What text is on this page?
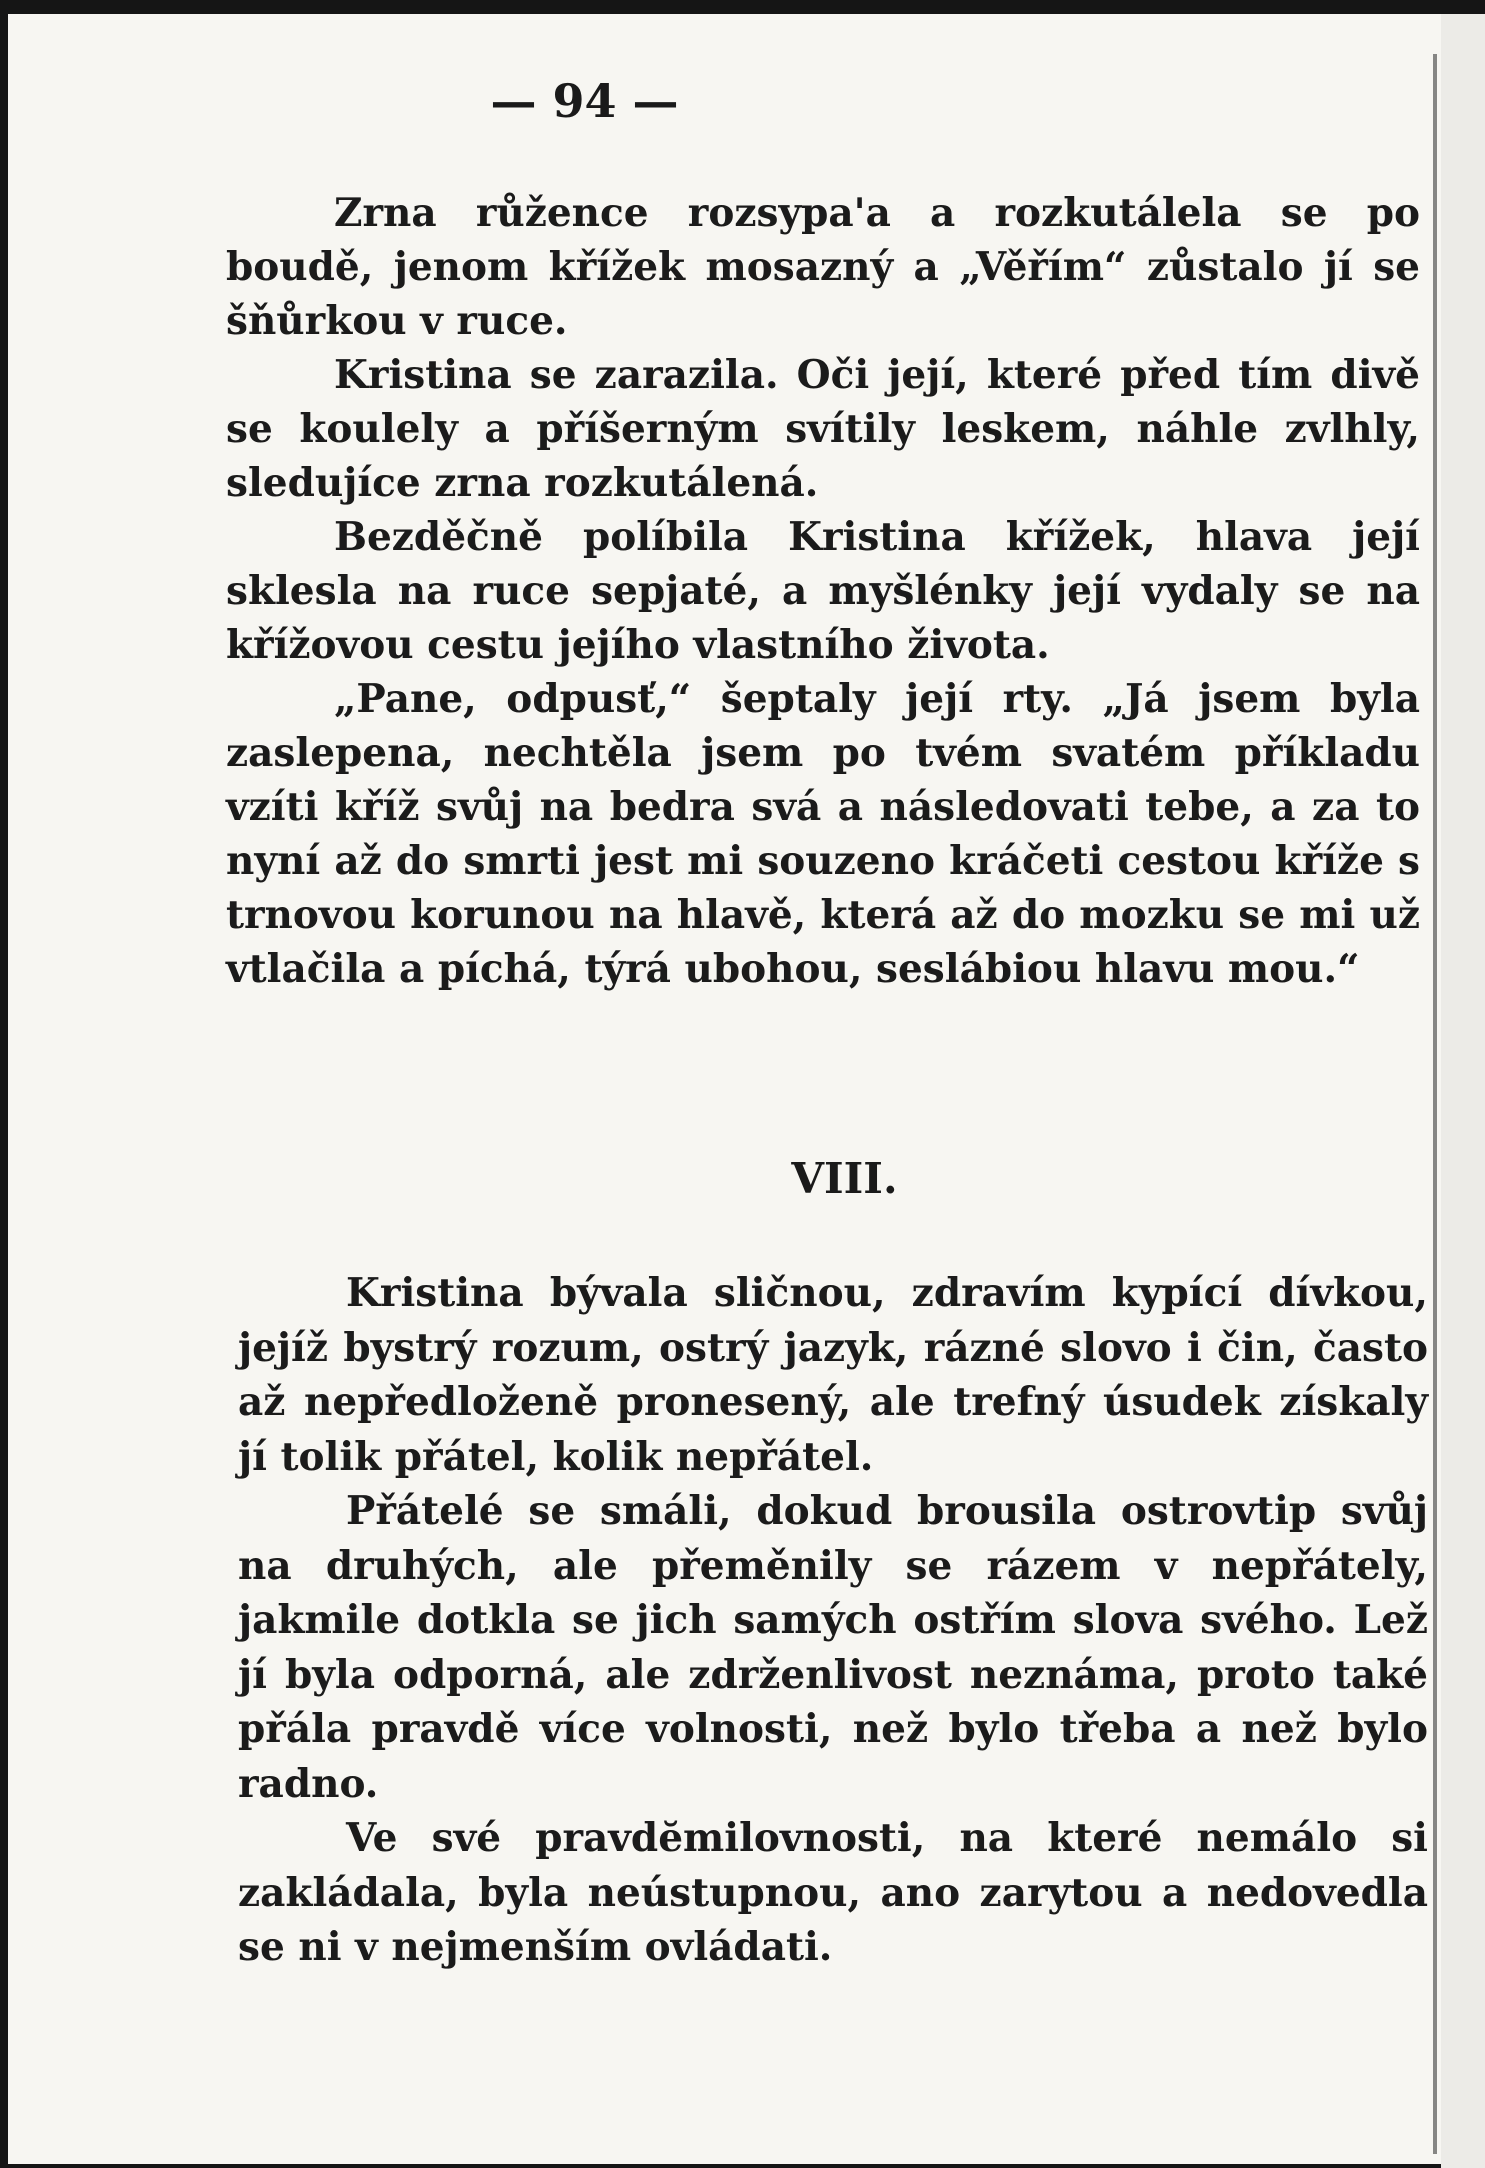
— 94 —

Zrna růžence rozsypa'a a rozkutálela se po boudě, jenom křížek mosazný a „Věřím“ zůstalo jí se šňůrkou v ruce.

Kristina se zarazila. Oči její, které před tím divě se koulely a příšerným svítily leskem, náhle zvlhly, sledujíce zrna rozkutálená.

Bezděčně políbila Kristina křížek, hlava její sklesla na ruce sepjaté, a myšlénky její vydaly se na křížovou cestu jejího vlastního života.

„Pane, odpusť,“ šeptaly její rty. „Já jsem byla zaslepena, nechtěla jsem po tvém svatém příkladu vzíti kříž svůj na bedra svá a následovati tebe, a za to nyní až do smrti jest mi souzeno kráčeti cestou kříže s trnovou korunou na hlavě, která až do mozku se mi už vtlačila a píchá, týrá ubohou, seslábiou hlavu mou.“

VIII.

Kristina bývala sličnou, zdravím kypící dívkou, jejíž bystrý rozum, ostrý jazyk, rázné slovo i čin, často až nepředloženě pronesený, ale trefný úsudek získaly jí tolik přátel, kolik nepřátel.

Přátelé se smáli, dokud brousila ostrovtip svůj na druhých, ale přeměnily se rázem v nepřátely, jakmile dotkla se jich samých ostřím slova svého. Lež jí byla odporná, ale zdrženlivost neznáma, proto také přála pravdě více volnosti, než bylo třeba a než bylo radno.

Ve své pravdĕmilovnosti, na které nemálo si zakládala, byla neústupnou, ano zarytou a nedovedla se ni v nejmenším ovládati.
